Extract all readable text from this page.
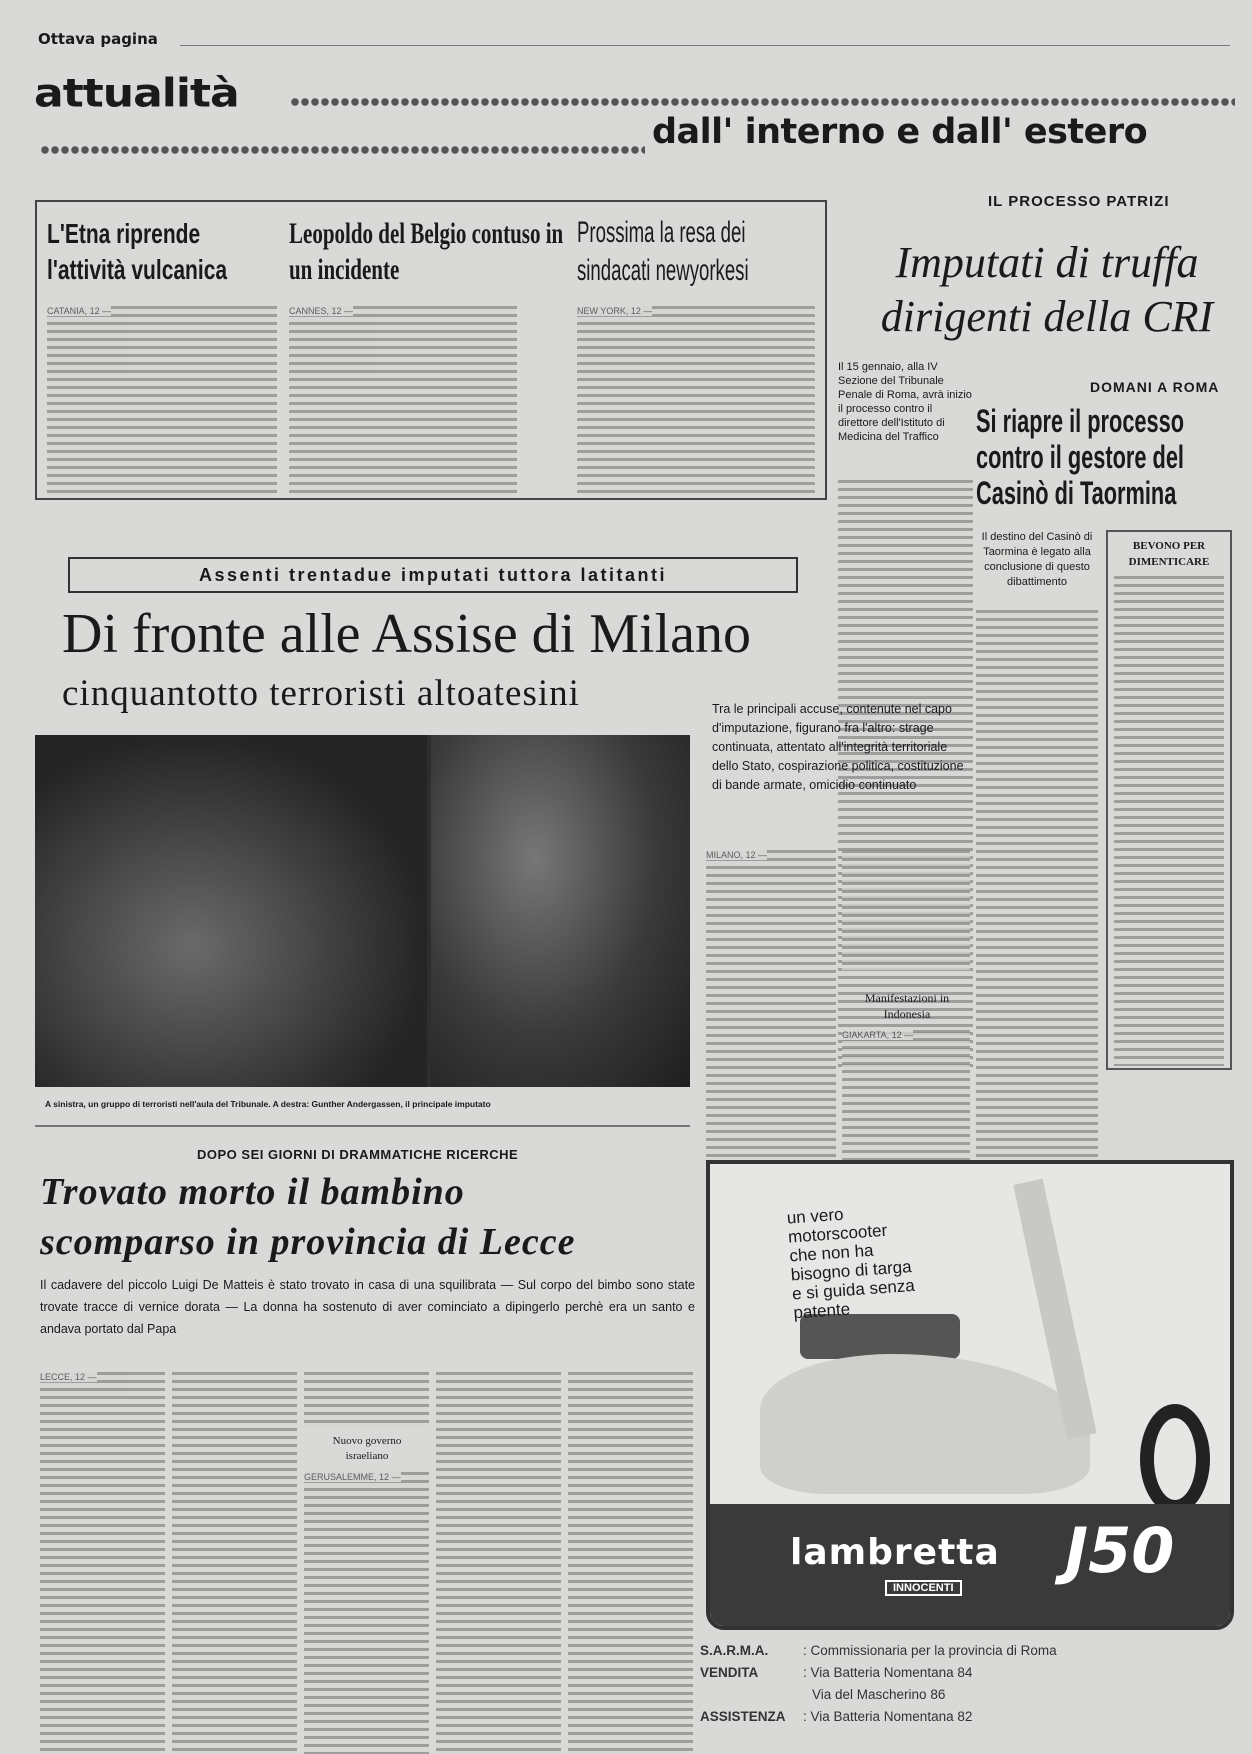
Ottava pagina
attualità
dall' interno e dall' estero
CATANIA, 12 —	CANNES, 12 —	NEW YORK, 12 —
L'Etna riprende l'attività vulcanica
Leopoldo del Belgio contuso in un incidente
Prossima la resa dei sindacati newyorkesi
IL PROCESSO PATRIZI
Imputati di truffa dirigenti della CRI
Il 15 gennaio, alla IV Sezione del Tribunale Penale di Roma, avrà inizio il processo contro il direttore dell'Istituto di Medicina del Traffico
DOMANI A ROMA
Si riapre il processo contro il gestore del Casinò di Taormina
Il destino del Casinò di Taormina è legato alla conclusione di questo dibattimento
BEVONO PER DIMENTICARE
Assenti trentadue imputati tuttora latitanti
Di fronte alle Assise di Milano
cinquantotto terroristi altoatesini
A sinistra, un gruppo di terroristi nell'aula del Tribunale. A destra: Gunther Andergassen, il principale imputato
Tra le principali accuse, contenute nel capo d'imputazione, figurano fra l'altro: strage continuata, attentato all'integrità territoriale dello Stato, cospirazione politica, costituzione di bande armate, omicidio continuato
MILANO, 12 —
Manifestazioni in Indonesia
GIAKARTA, 12 —
DOPO SEI GIORNI DI DRAMMATICHE RICERCHE
Trovato morto il bambino
scomparso in provincia di Lecce
Il cadavere del piccolo Luigi De Matteis è stato trovato in casa di una squilibrata — Sul corpo del bimbo sono state trovate tracce di vernice dorata — La donna ha sostenuto di aver cominciato a dipingerlo perchè era un santo e andava portato dal Papa
LECCE, 12 —
Nuovo governo israeliano
GERUSALEMME, 12 —
un vero motorscooter che non ha bisogno di targa e si guida senza patente
lambretta
INNOCENTI
J50
S.A.R.M.A.	: Commissionaria per la provincia di Roma
VENDITA	: Via Batteria Nomentana 84
Via del Mascherino 86
ASSISTENZA	: Via Batteria Nomentana 82
